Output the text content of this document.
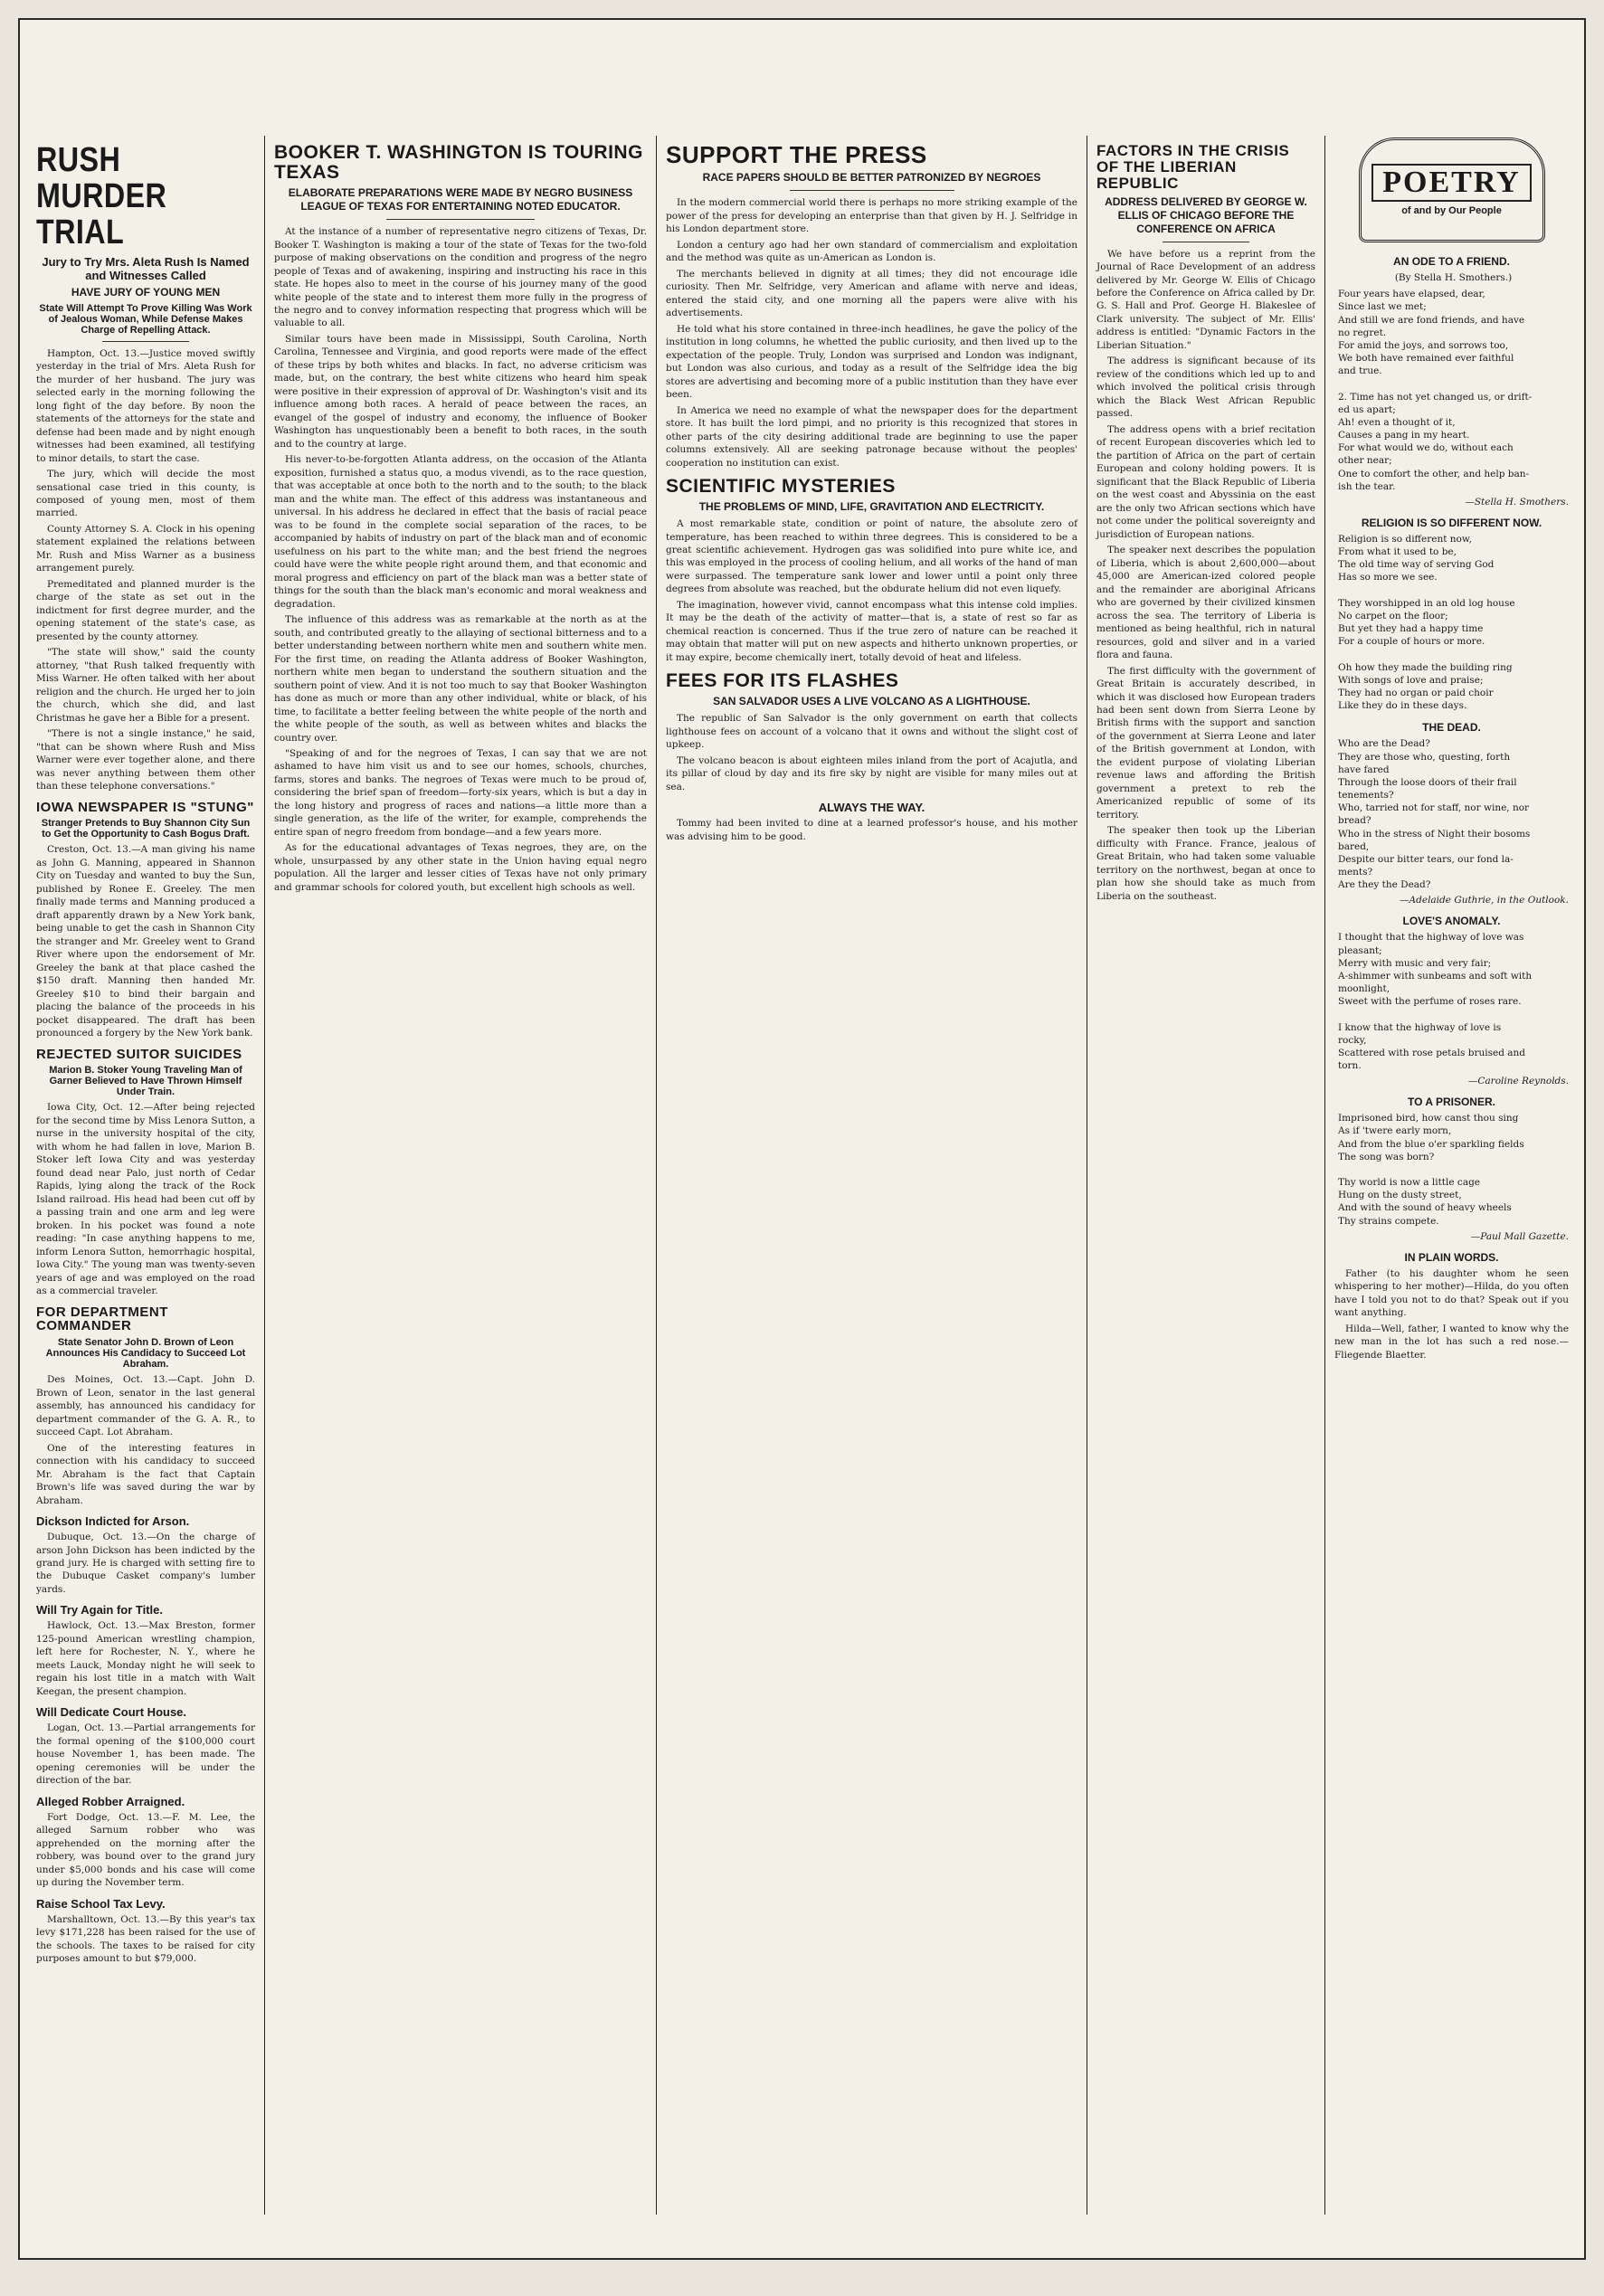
RUSH MURDER TRIAL
Jury to Try Mrs. Aleta Rush Is Named and Witnesses Called
HAVE JURY OF YOUNG MEN
State Will Attempt To Prove Killing Was Work of Jealous Woman, While Defense Makes Charge of Repelling Attack.

Hampton, Oct. 13.—Justice moved swiftly yesterday in the trial of Mrs. Aleta Rush for the murder of her husband. The jury was selected early in the morning following the long fight of the day before. By noon the statements of the attorneys for the state and defense had been made and by night enough witnesses had been examined, all testifying to minor details, to start the case.

The jury, which will decide the most sensational case tried in this county, is composed of young men, most of them married.

County Attorney S. A. Clock in his opening statement explained the relations between Mr. Rush and Miss Warner as a business arrangement purely.

Premeditated and planned murder is the charge of the state as set out in the indictment for first degree murder, and the opening statement of the state's case, as presented by the county attorney.

"The state will show," said the county attorney, "that Rush talked frequently with Miss Warner. He often talked with her about religion and the church. He urged her to join the church, which she did, and last Christmas he gave her a Bible for a present.

"There is not a single instance," he said, "that can be shown where Rush and Miss Warner were ever together alone, and there was never anything between them other than these telephone conversations."

IOWA NEWSPAPER IS "STUNG"
Stranger Pretends to Buy Shannon City Sun to Get the Opportunity to Cash Bogus Draft.

Creston, Oct. 13.—A man giving his name as John G. Manning, appeared in Shannon City on Tuesday and wanted to buy the Sun, published by Ronee E. Greeley. The men finally made terms and Manning produced a draft apparently drawn by a New York bank, being unable to get the cash in Shannon City the stranger and Mr. Greeley went to Grand River where upon the endorsement of Mr. Greeley the bank at that place cashed the $150 draft. Manning then handed Mr. Greeley $10 to bind their bargain and placing the balance of the proceeds in his pocket disappeared. The draft has been pronounced a forgery by the New York bank.

REJECTED SUITOR SUICIDES
Marion B. Stoker Young Traveling Man of Garner Believed to Have Thrown Himself Under Train.

Iowa City, Oct. 12.—After being rejected for the second time by Miss Lenora Sutton, a nurse in the university hospital of the city, with whom he had fallen in love, Marion B. Stoker left Iowa City and was yesterday found dead near Palo, just north of Cedar Rapids, lying along the track of the Rock Island railroad. His head had been cut off by a passing train and one arm and leg were broken. In his pocket was found a note reading: "In case anything happens to me, inform Lenora Sutton, hemorrhagic hospital, Iowa City." The young man was twenty-seven years of age and was employed on the road as a commercial traveler.

FOR DEPARTMENT COMMANDER
State Senator John D. Brown of Leon Announces His Candidacy to Succeed Lot Abraham.

Des Moines, Oct. 13.—Capt. John D. Brown of Leon, senator in the last general assembly, has announced his candidacy for department commander of the G. A. R., to succeed Capt. Lot Abraham.

One of the interesting features in connection with his candidacy to succeed Mr. Abraham is the fact that Captain Brown's life was saved during the war by Abraham.

Dickson Indicted for Arson.

Dubuque, Oct. 13.—On the charge of arson John Dickson has been indicted by the grand jury. He is charged with setting fire to the Dubuque Casket company's lumber yards.

Will Try Again for Title.

Hawlock, Oct. 13.—Max Breston, former 125-pound American wrestling champion, left here for Rochester, N. Y., where he meets Lauck, Monday night he will seek to regain his lost title in a match with Walt Keegan, the present champion.

Will Dedicate Court House.

Logan, Oct. 13.—Partial arrangements for the formal opening of the $100,000 court house November 1, has been made. The opening ceremonies will be under the direction of the bar.

Alleged Robber Arraigned.

Fort Dodge, Oct. 13.—F. M. Lee, the alleged Sarnum robber who was apprehended on the morning after the robbery, was bound over to the grand jury under $5,000 bonds and his case will come up during the November term.

Raise School Tax Levy.

Marshalltown, Oct. 13.—By this year's tax levy $171,228 has been raised for the use of the schools. The taxes to be raised for city purposes amount to but $79,000.

BOOKER T. WASHINGTON IS TOURING TEXAS
ELABORATE PREPARATIONS WERE MADE BY NEGRO BUSINESS LEAGUE OF TEXAS FOR ENTERTAINING NOTED EDUCATOR.

At the instance of a number of representative negro citizens of Texas, Dr. Booker T. Washington is making a tour of the state of Texas for the two-fold purpose of making observations on the condition and progress of the negro people of Texas and of awakening, inspiring and instructing his race in this state. He hopes also to meet in the course of his journey many of the good white people of the state and to interest them more fully in the progress of the negro and to convey information respecting that progress which will be valuable to all.

Similar tours have been made in Mississippi, South Carolina, North Carolina, Tennessee and Virginia, and good reports were made of the effect of these trips by both whites and blacks. In fact, no adverse criticism was made, but, on the contrary, the best white citizens who heard him speak were positive in their expression of approval of Dr. Washington's visit and its influence among both races. A herald of peace between the races, an evangel of the gospel of industry and economy, the influence of Booker Washington has unquestionably been a benefit to both races, in the south and to the country at large.

His never-to-be-forgotten Atlanta address, on the occasion of the Atlanta exposition, furnished a status quo, a modus vivendi, as to the race question, that was acceptable at once both to the north and to the south; to the black man and the white man. The effect of this address was instantaneous and universal. In his address he declared in effect that the basis of racial peace was to be found in the complete social separation of the races, to be accompanied by habits of industry on part of the black man and of economic usefulness on his part to the white man; and the best friend the negroes could have were the white people right around them, and that economic and moral progress and efficiency on part of the black man was a better state of things for the south than the black man's economic and moral weakness and degradation.

The influence of this address was as remarkable at the north as at the south, and contributed greatly to the allaying of sectional bitterness and to a better understanding between northern white men and southern white men. For the first time, on reading the Atlanta address of Booker Washington, northern white men began to understand the southern situation and the southern point of view. And it is not too much to say that Booker Washington has done as much or more than any other individual, white or black, of his time, to facilitate a better feeling between the white people of the north and the white people of the south, as well as between whites and blacks the country over.

"Speaking of and for the negroes of Texas, I can say that we are not ashamed to have him visit us and to see our homes, schools, churches, farms, stores and banks. The negroes of Texas were much to be proud of, considering the brief span of freedom—forty-six years, which is but a day in the long history and progress of races and nations—a little more than a single generation, as the life of the writer, for example, comprehends the entire span of negro freedom from bondage—and a few years more.

As for the educational advantages of Texas negroes, they are, on the whole, unsurpassed by any other state in the Union having equal negro population. All the larger and lesser cities of Texas have not only primary and grammar schools for colored youth, but excellent high schools as well.

SUPPORT THE PRESS
RACE PAPERS SHOULD BE BETTER PATRONIZED BY NEGROES

In the modern commercial world there is perhaps no more striking example of the power of the press for developing an enterprise than that given by H. J. Selfridge in his London department store.

London a century ago had her own standard of commercialism and exploitation and the method was quite as un-American as London is.

The merchants believed in dignity at all times; they did not encourage idle curiosity. Then Mr. Selfridge, very American and aflame with nerve and ideas, entered the staid city, and one morning all the papers were alive with his advertisements.

He told what his store contained in three-inch headlines, he gave the policy of the institution in long columns, he whetted the public curiosity, and then lived up to the expectation of the people. Truly, London was surprised and London was indignant, but London was also curious, and today as a result of the Selfridge idea the big stores are advertising and becoming more of a public institution than they have ever been.

In America we need no example of what the newspaper does for the department store. It has built the lord pimpi, and no priority is this recognized that stores in other parts of the city desiring additional trade are beginning to use the paper columns extensively. All are seeking patronage because without the peoples' cooperation no institution can exist.

SCIENTIFIC MYSTERIES
THE PROBLEMS OF MIND, LIFE, GRAVITATION AND ELECTRICITY.

A most remarkable state, condition or point of nature, the absolute zero of temperature, has been reached to within three degrees. This is considered to be a great scientific achievement. Hydrogen gas was solidified into pure white ice, and this was employed in the process of cooling helium, and all works of the hand of man were surpassed. The temperature sank lower and lower until a point only three degrees from absolute was reached, but the obdurate helium did not even liquefy.

The imagination, however vivid, cannot encompass what this intense cold implies. It may be the death of the activity of matter—that is, a state of rest so far as chemical reaction is concerned. Thus if the true zero of nature can be reached it may obtain that matter will put on new aspects and hitherto unknown properties, or it may expire, become chemically inert, totally devoid of heat and lifeless.

FEES FOR ITS FLASHES
SAN SALVADOR USES A LIVE VOLCANO AS A LIGHTHOUSE.

The republic of San Salvador is the only government on earth that collects lighthouse fees on account of a volcano that it owns and without the slight cost of upkeep.

The volcano beacon is about eighteen miles inland from the port of Acajutla, and its pillar of cloud by day and its fire sky by night are visible for many miles out at sea.

ALWAYS THE WAY.

Tommy had been invited to dine at a learned professor's house, and his mother was advising him to be good.

FACTORS IN THE CRISIS OF THE LIBERIAN REPUBLIC
ADDRESS DELIVERED BY GEORGE W. ELLIS OF CHICAGO BEFORE THE CONFERENCE ON AFRICA

We have before us a reprint from the Journal of Race Development of an address delivered by Mr. George W. Ellis of Chicago before the Conference on Africa called by Dr. G. S. Hall and Prof. George H. Blakeslee of Clark university. The subject of Mr. Ellis' address is entitled: "Dynamic Factors in the Liberian Situation."

The address is significant because of its review of the conditions which led up to and which involved the political crisis through which the Black West African Republic passed.

The address opens with a brief recitation of recent European discoveries which led to the partition of Africa on the part of certain European and colony holding powers. It is significant that the Black Republic of Liberia on the west coast and Abyssinia on the east are the only two African sections which have not come under the political sovereignty and jurisdiction of European nations.

The speaker next describes the population of Liberia, which is about 2,600,000—about 45,000 are American-ized colored people and the remainder are aboriginal Africans who are governed by their civilized kinsmen across the sea. The territory of Liberia is mentioned as being healthful, rich in natural resources, gold and silver and in a varied flora and fauna.

The first difficulty with the government of Great Britain is accurately described, in which it was disclosed how European traders had been sent down from Sierra Leone by British firms with the support and sanction of the government at Sierra Leone and later of the British government at London, with the evident purpose of violating Liberian revenue laws and affording the British government a pretext to reb the Americanized republic of some of its territory.

The speaker then took up the Liberian difficulty with France. France, jealous of Great Britain, who had taken some valuable territory on the northwest, began at once to plan how she should take as much from Liberia on the southeast.

POETRY
of and by Our People
AN ODE TO A FRIEND.
(By Stella H. Smothers.)
Four years have elapsed, dear,
Since last we met;
And still we are fond friends, and have
no regret.
For amid the joys, and sorrows too,
We both have remained ever faithful
and true.

2. Time has not yet changed us, or drift-
ed us apart;
Ah! even a thought of it,
Causes a pang in my heart.
For what would we do, without each
other near;
One to comfort the other, and help ban-
ish the tear.
—Stella H. Smothers.
RELIGION IS SO DIFFERENT NOW.
Religion is so different now,
From what it used to be,
The old time way of serving God
Has so more we see.

They worshipped in an old log house
No carpet on the floor;
But yet they had a happy time
For a couple of hours or more.

Oh how they made the building ring
With songs of love and praise;
They had no organ or paid choir
Like they do in these days.
THE DEAD.
Who are the Dead?
They are those who, questing, forth
have fared
Through the loose doors of their frail
tenements?
Who, tarried not for staff, nor wine, nor
bread?
Who in the stress of Night their bosoms
bared,
Despite our bitter tears, our fond la-
ments?
Are they the Dead?
—Adelaide Guthrie, in the Outlook.
LOVE'S ANOMALY.
I thought that the highway of love was
pleasant;
Merry with music and very fair;
A-shimmer with sunbeams and soft with
moonlight,
Sweet with the perfume of roses rare.

I know that the highway of love is
rocky,
Scattered with rose petals bruised and
torn.
—Caroline Reynolds.
TO A PRISONER.
Imprisoned bird, how canst thou sing
As if 'twere early morn,
And from the blue o'er sparkling fields
The song was born?

Thy world is now a little cage
Hung on the dusty street,
And with the sound of heavy wheels
Thy strains compete.
—Paul Mall Gazette.
IN PLAIN WORDS.

Father (to his daughter whom he seen whispering to her mother)—Hilda, do you often have I told you not to do that? Speak out if you want anything.

Hilda—Well, father, I wanted to know why the new man in the lot has such a red nose.—Fliegende Blaetter.
